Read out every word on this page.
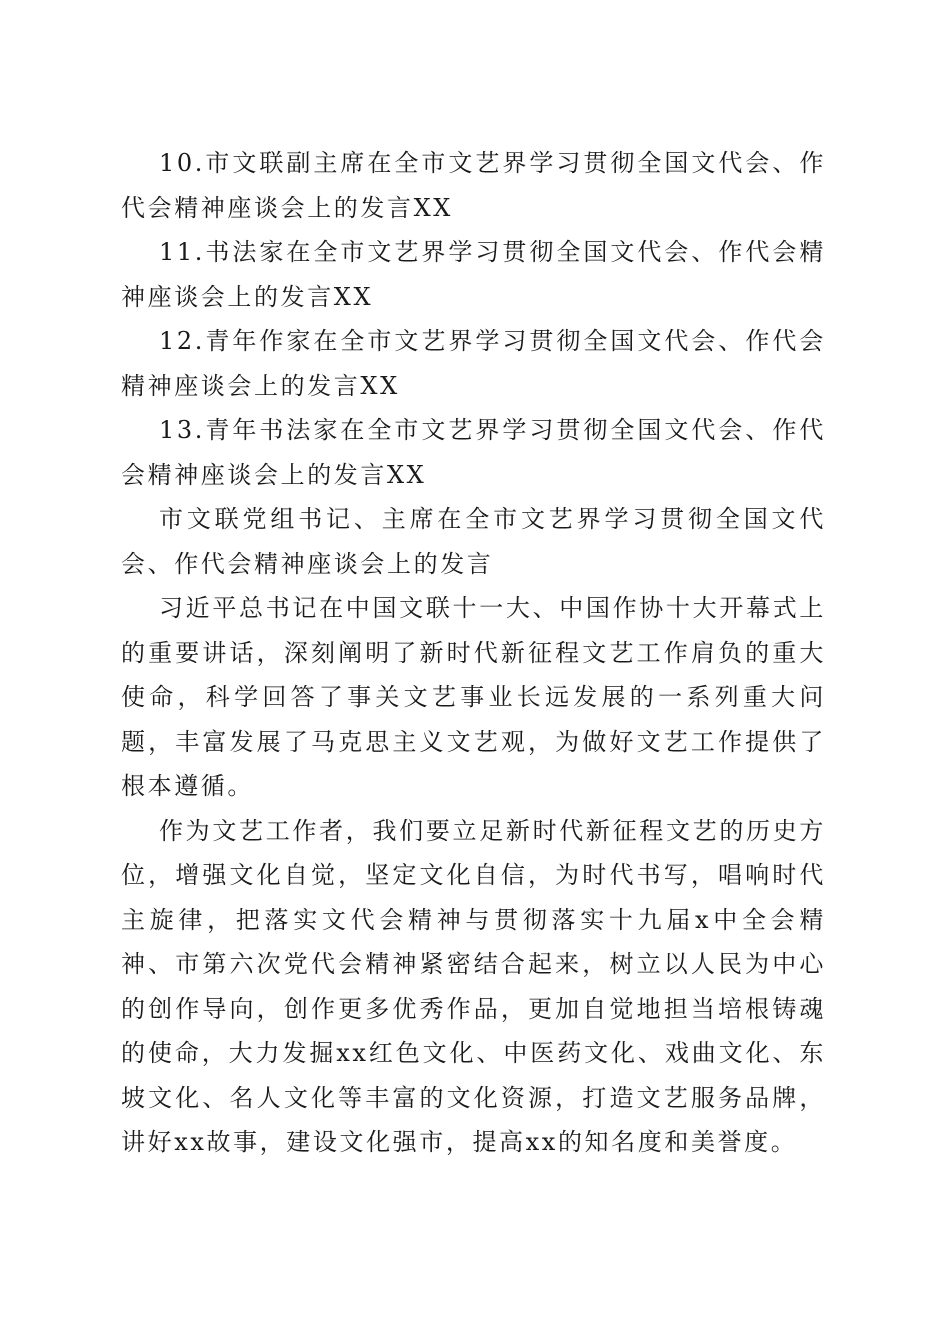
10.市文联副主席在全市文艺界学习贯彻全国文代会、作代会精神座谈会上的发言XX

11.书法家在全市文艺界学习贯彻全国文代会、作代会精神座谈会上的发言XX

12.青年作家在全市文艺界学习贯彻全国文代会、作代会精神座谈会上的发言XX

13.青年书法家在全市文艺界学习贯彻全国文代会、作代会精神座谈会上的发言XX

市文联党组书记、主席在全市文艺界学习贯彻全国文代会、作代会精神座谈会上的发言

习近平总书记在中国文联十一大、中国作协十大开幕式上的重要讲话，深刻阐明了新时代新征程文艺工作肩负的重大使命，科学回答了事关文艺事业长远发展的一系列重大问题，丰富发展了马克思主义文艺观，为做好文艺工作提供了根本遵循。

作为文艺工作者，我们要立足新时代新征程文艺的历史方位，增强文化自觉，坚定文化自信，为时代书写，唱响时代主旋律，把落实文代会精神与贯彻落实十九届x中全会精神、市第六次党代会精神紧密结合起来，树立以人民为中心的创作导向，创作更多优秀作品，更加自觉地担当培根铸魂的使命，大力发掘xx红色文化、中医药文化、戏曲文化、东坡文化、名人文化等丰富的文化资源，打造文艺服务品牌，讲好xx故事，建设文化强市，提高xx的知名度和美誉度。
